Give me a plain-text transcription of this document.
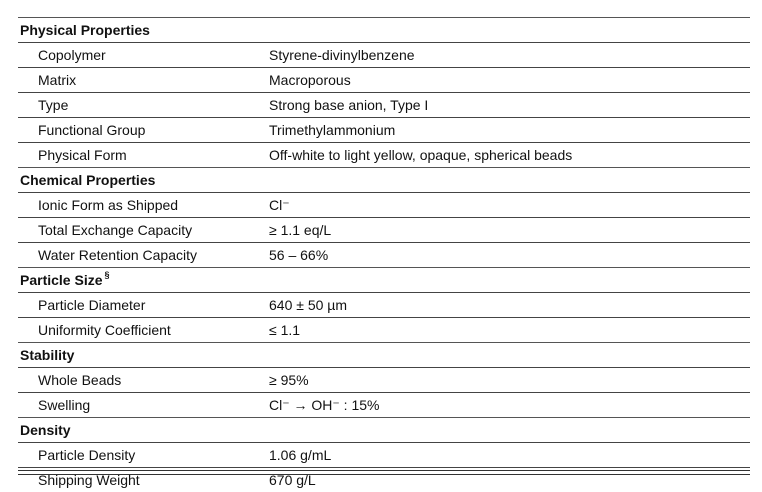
Physical Properties	
Copolymer	Styrene-divinylbenzene
Matrix	Macroporous
Type	Strong base anion, Type I
Functional Group	Trimethylammonium
Physical Form	Off-white to light yellow, opaque, spherical beads
Chemical Properties	
Ionic Form as Shipped	Cl⁻
Total Exchange Capacity	≥ 1.1 eq/L
Water Retention Capacity	56 – 66%
Particle Size §
Particle Diameter	640 ± 50 µm
Uniformity Coefficient	≤ 1.1
Stability	
Whole Beads	≥ 95%
Swelling	Cl⁻ → OH⁻ : 15%
Density	
Particle Density	1.06 g/mL
Shipping Weight	670 g/L
